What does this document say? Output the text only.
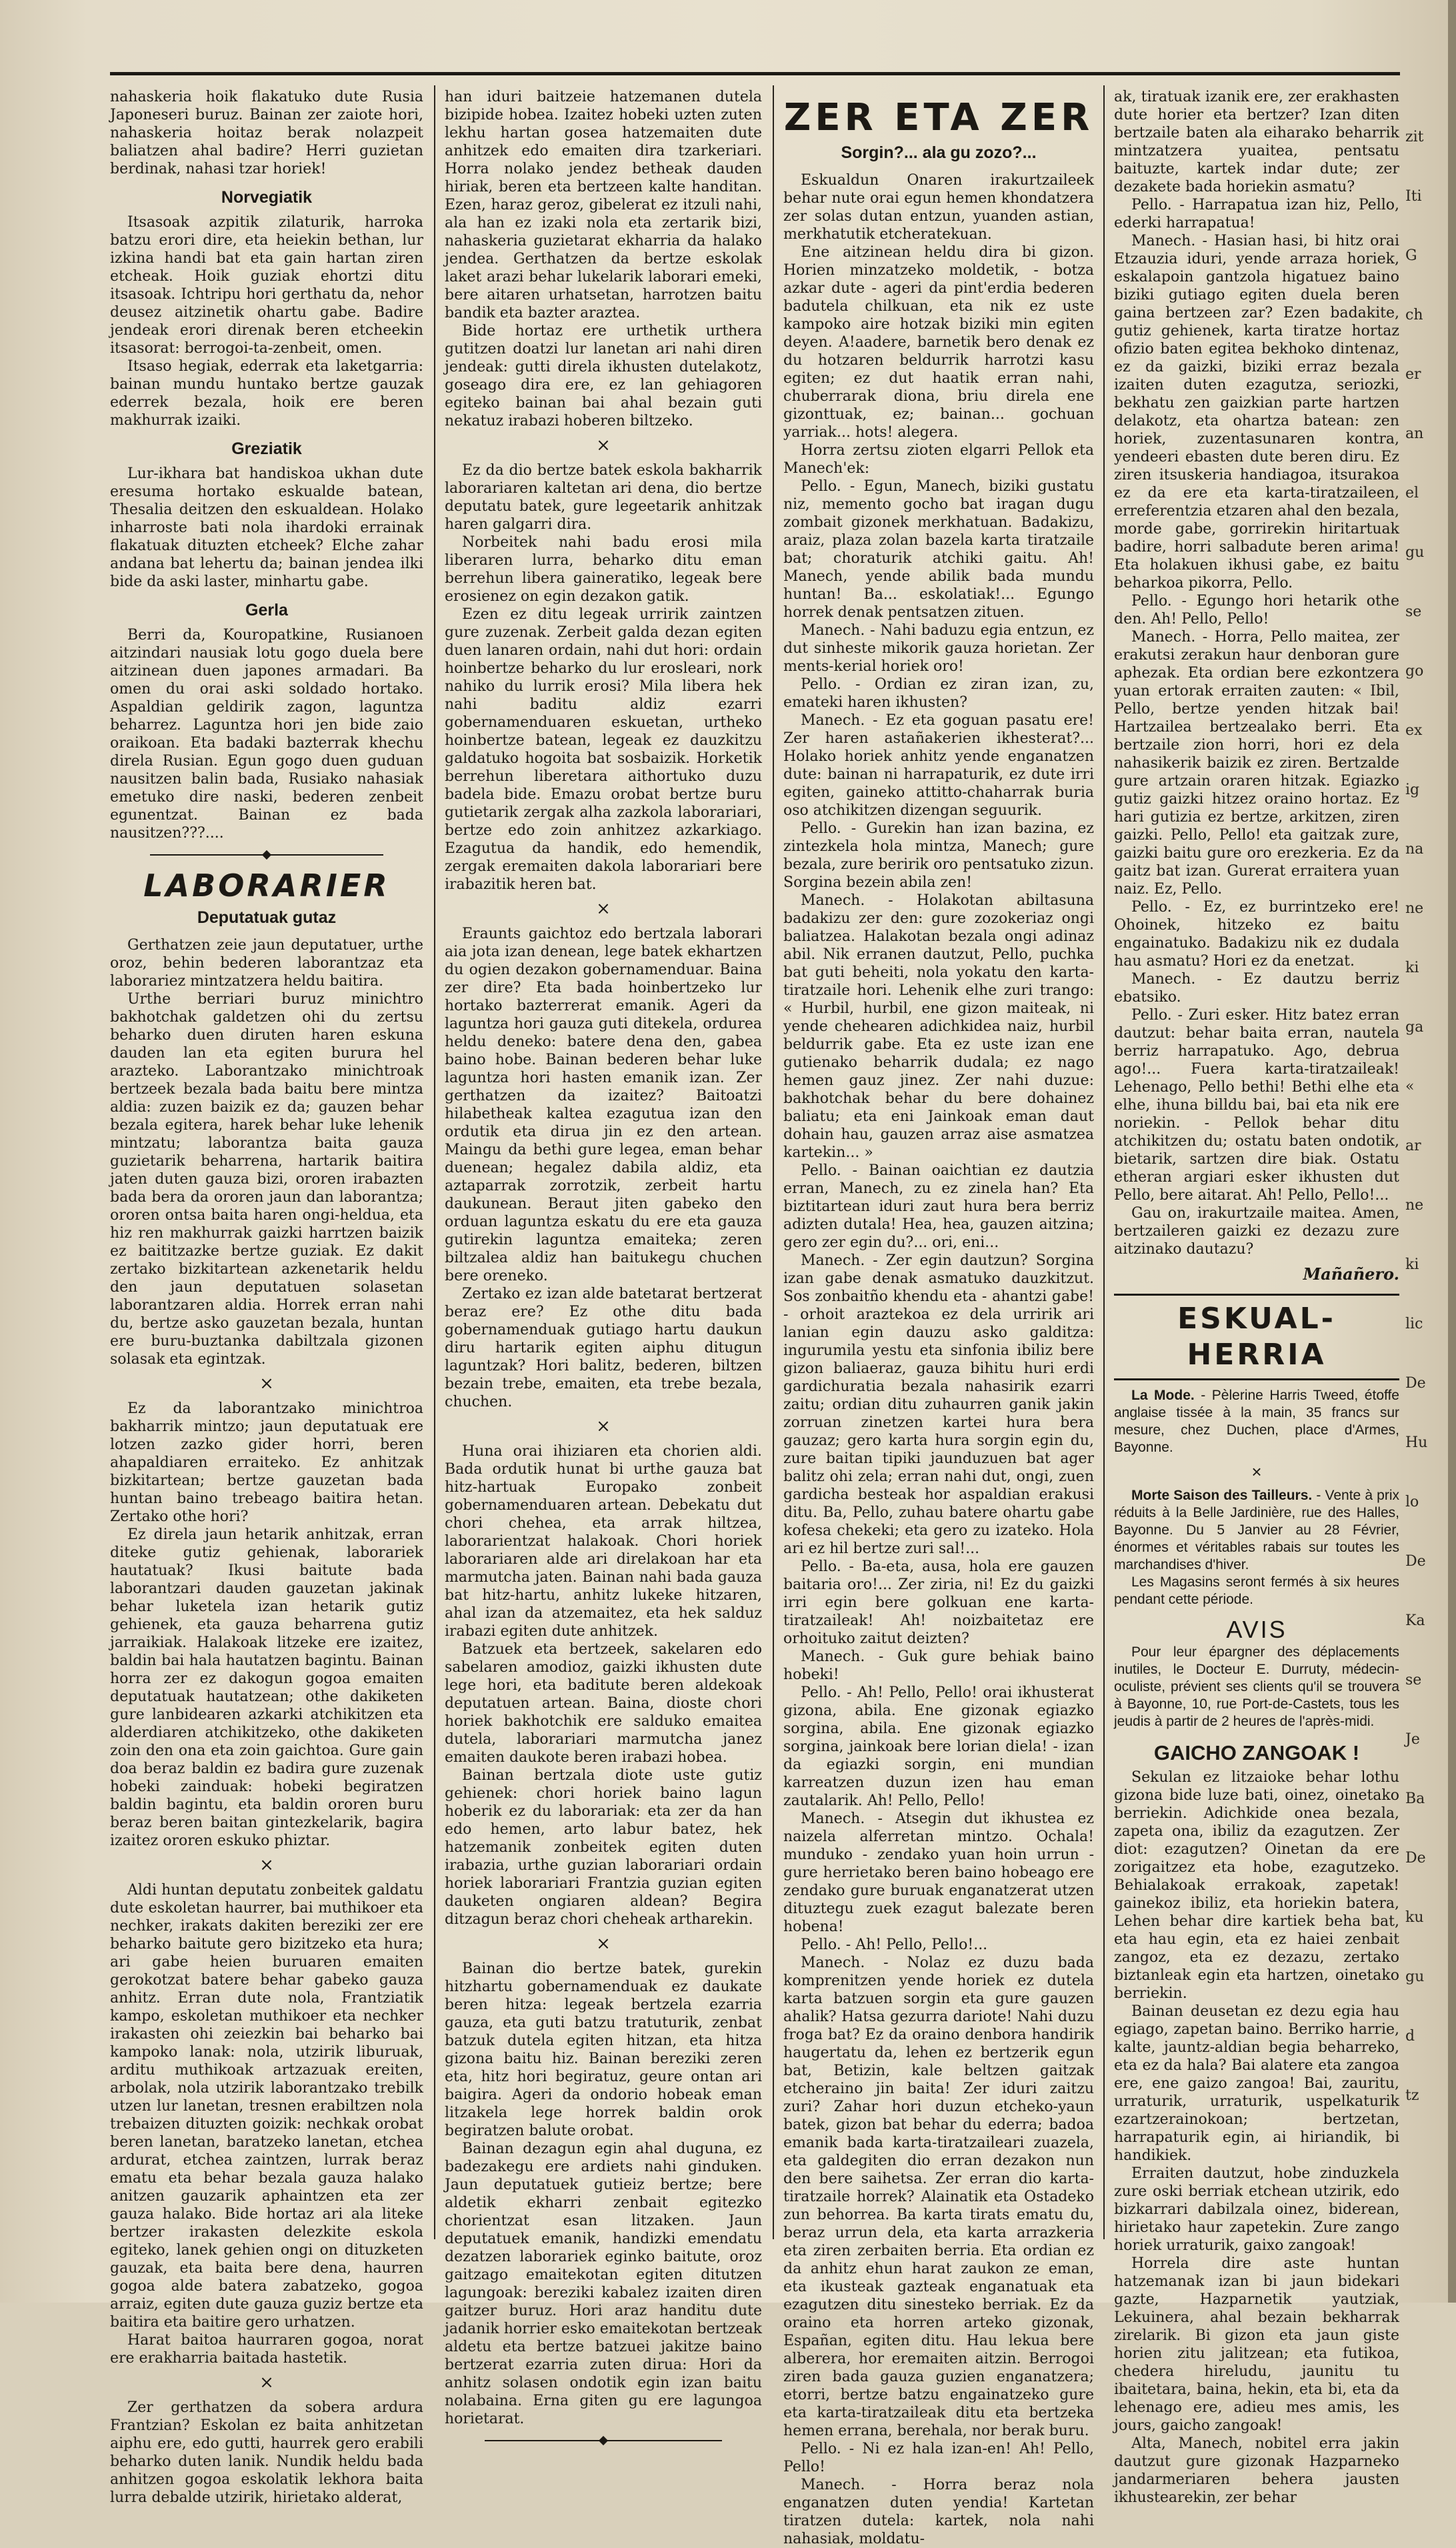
nahaskeria hoik flakatuko dute Rusia Japoneseri buruz. Bainan zer zaiote hori, nahaskeria hoitaz berak nolazpeit baliatzen ahal badire? Herri guzietan berdinak, nahasi tzar horiek!

Norvegiatik

Itsasoak azpitik zilaturik, harroka batzu erori dire, eta heiekin bethan, lur izkina handi bat eta gain hartan ziren etcheak. Hoik guziak ehortzi ditu itsasoak. Ichtripu hori gerthatu da, nehor deusez aitzinetik ohartu gabe. Badire jendeak erori direnak beren etcheekin itsasorat: berrogoi-ta-zenbeit, omen.

Itsaso hegiak, ederrak eta laketgarria: bainan mundu huntako bertze gauzak ederrek bezala, hoik ere beren makhurrak izaiki.

Greziatik

Lur-ikhara bat handiskoa ukhan dute eresuma hortako eskualde batean, Thesalia deitzen den eskualdean. Holako inharroste bati nola ihardoki errainak flakatuak dituzten etcheek? Elche zahar andana bat lehertu da; bainan jendea ilki bide da aski laster, minhartu gabe.

Gerla

Berri da, Kouropatkine, Rusianoen aitzindari nausiak lotu gogo duela bere aitzinean duen japones armadari. Ba omen du orai aski soldado hortako. Aspaldian geldirik zagon, laguntza beharrez. Laguntza hori jen bide zaio oraikoan. Eta badaki bazterrak khechu direla Rusian. Egun gogo duen guduan nausitzen balin bada, Rusiako nahasiak emetuko dire naski, bederen zenbeit egunentzat. Bainan ez bada nausitzen???....

LABORARIER
Deputatuak gutaz

Gerthatzen zeie jaun deputatuer, urthe oroz, behin bederen laborantzaz eta laborariez mintzatzera heldu baitira.

Urthe berriari buruz minichtro bakhotchak galdetzen ohi du zertsu beharko duen diruten haren eskuna dauden lan eta egiten burura hel arazteko. Laborantzako minichtroak bertzeek bezala bada baitu bere mintza aldia: zuzen baizik ez da; gauzen behar bezala egitera, harek behar luke lehenik mintzatu; laborantza baita gauza guzietarik beharrena, hartarik baitira jaten duten gauza bizi, ororen irabazten bada bera da ororen jaun dan laborantza; ororen ontsa baita haren ongi-heldua, eta hiz ren makhurrak gaizki harrtzen baizik ez baititzazke bertze guziak. Ez dakit zertako bizkitartean azkenetarik heldu den jaun deputatuen solasetan laborantzaren aldia. Horrek erran nahi du, bertze asko gauzetan bezala, huntan ere buru-buztanka dabiltzala gizonen solasak eta egintzak.

×

Ez da laborantzako minichtroa bakharrik mintzo; jaun deputatuak ere lotzen zazko gider horri, beren ahapaldiaren erraiteko. Ez anhitzak bizkitartean; bertze gauzetan bada huntan baino trebeago baitira hetan. Zertako othe hori?

Ez direla jaun hetarik anhitzak, erran diteke gutiz gehienak, laborariek hautatuak? Ikusi baitute bada laborantzari dauden gauzetan jakinak behar luketela izan hetarik gutiz gehienek, eta gauza beharrena gutiz jarraikiak. Halakoak litzeke ere izaitez, baldin bai hala hautatzen bagintu. Bainan horra zer ez dakogun gogoa emaiten deputatuak hautatzean; othe dakiketen gure lanbidearen azkarki atchikitzen eta alderdiaren atchikitzeko, othe dakiketen zoin den ona eta zoin gaichtoa. Gure gain doa beraz baldin ez badira gure zuzenak hobeki zainduak: hobeki begiratzen baldin bagintu, eta baldin ororen buru beraz beren baitan gintezkelarik, bagira izaitez ororen eskuko phiztar.

×

Aldi huntan deputatu zonbeitek galdatu dute eskoletan haurrer, bai muthikoer eta nechker, irakats dakiten bereziki zer ere beharko baitute gero bizitzeko eta hura; ari gabe heien buruaren emaiten gerokotzat batere behar gabeko gauza anhitz. Erran dute nola, Frantziatik kampo, eskoletan muthikoer eta nechker irakasten ohi zeiezkin bai beharko bai kampoko lanak: nola, utzirik liburuak, arditu muthikoak artzazuak ereiten, arbolak, nola utzirik laborantzako trebilk utzen lur lanetan, tresnen erabiltzen nola trebaizen dituzten goizik: nechkak orobat beren lanetan, baratzeko lanetan, etchea ardurat, etchea zaintzen, lurrak beraz ematu eta behar bezala gauza halako anitzen gauzarik aphaintzen eta zer gauza halako. Bide hortaz ari ala liteke bertzer irakasten delezkite eskola egiteko, lanek gehien ongi on dituzketen gauzak, eta baita bere dena, haurren gogoa alde batera zabatzeko, gogoa arraiz, egiten dute gauza guziz bertze eta baitira eta baitire gero urhatzen.

Harat baitoa haurraren gogoa, norat ere erakharria baitada hastetik.

×

Zer gerthatzen da sobera ardura Frantzian? Eskolan ez baita anhitzetan aiphu ere, edo gutti, haurrek gero erabili beharko duten lanik. Nundik heldu bada anhitzen gogoa eskolatik lekhora baita lurra debalde utzirik, hirietako alderat,

han iduri baitzeie hatzemanen dutela bizipide hobea. Izaitez hobeki uzten zuten lekhu hartan gosea hatzemaiten dute anhitzek edo emaiten dira tzarkeriari. Horra nolako jendez betheak dauden hiriak, beren eta bertzeen kalte handitan. Ezen, haraz geroz, gibelerat ez itzuli nahi, ala han ez izaki nola eta zertarik bizi, nahaskeria guzietarat ekharria da halako jendea. Gerthatzen da bertze eskolak laket arazi behar lukelarik laborari emeki, bere aitaren urhatsetan, harrotzen baitu bandik eta bazter araztea.

Bide hortaz ere urthetik urthera gutitzen doatzi lur lanetan ari nahi diren jendeak: gutti direla ikhusten dutelakotz, goseago dira ere, ez lan gehiagoren egiteko bainan bai ahal bezain guti nekatuz irabazi hoberen biltzeko.

×

Ez da dio bertze batek eskola bakharrik laborariaren kaltetan ari dena, dio bertze deputatu batek, gure legeetarik anhitzak haren galgarri dira.

Norbeitek nahi badu erosi mila liberaren lurra, beharko ditu eman berrehun libera gaineratiko, legeak bere erosienez on egin dezakon gatik.

Ezen ez ditu legeak urririk zaintzen gure zuzenak. Zerbeit galda dezan egiten duen lanaren ordain, nahi dut hori: ordain hoinbertze beharko du lur erosleari, nork nahiko du lurrik erosi? Mila libera hek nahi baditu aldiz ezarri gobernamenduaren eskuetan, urtheko hoinbertze batean, legeak ez dauzkitzu galdatuko hogoita bat sosbaizik. Horketik berrehun liberetara aithortuko duzu badela bide. Emazu orobat bertze buru gutietarik zergak alha zazkola laborariari, bertze edo zoin anhitzez azkarkiago. Ezagutua da handik, edo hemendik, zergak eremaiten dakola laborariari bere irabazitik heren bat.

×

Eraunts gaichtoz edo bertzala laborari aia jota izan denean, lege batek ekhartzen du ogien dezakon gobernamenduar. Baina zer dire? Eta bada hoinbertzeko lur hortako bazterrerat emanik. Ageri da laguntza hori gauza guti ditekela, ordurea heldu deneko: batere dena den, gabea baino hobe. Bainan bederen behar luke laguntza hori hasten emanik izan. Zer gerthatzen da izaitez? Baitoatzi hilabetheak kaltea ezagutua izan den ordutik eta dirua jin ez den artean. Maingu da bethi gure legea, eman behar duenean; hegalez dabila aldiz, eta aztaparrak zorrotzik, zerbeit hartu daukunean. Beraut jiten gabeko den orduan laguntza eskatu du ere eta gauza gutirekin laguntza emaiteka; zeren biltzalea aldiz han baitukegu chuchen bere oreneko.

Zertako ez izan alde batetarat bertzerat beraz ere? Ez othe ditu bada gobernamenduak gutiago hartu daukun diru hartarik egiten aiphu ditugun laguntzak? Hori balitz, bederen, biltzen bezain trebe, emaiten, eta trebe bezala, chuchen.

×

Huna orai ihiziaren eta chorien aldi. Bada ordutik hunat bi urthe gauza bat hitz-hartuak Europako zonbeit gobernamenduaren artean. Debekatu dut chori chehea, eta arrak hiltzea, laborarientzat halakoak. Chori horiek laborariaren alde ari direlakoan har eta marmutcha jaten. Bainan nahi bada gauza bat hitz-hartu, anhitz lukeke hitzaren, ahal izan da atzemaitez, eta hek salduz irabazi egiten dute anhitzek.

Batzuek eta bertzeek, sakelaren edo sabelaren amodioz, gaizki ikhusten dute lege hori, eta baditute beren aldekoak deputatuen artean. Baina, dioste chori horiek bakhotchik ere salduko emaitea dutela, laborariari marmutcha janez emaiten daukote beren irabazi hobea.

Bainan bertzala diote uste gutiz gehienek: chori horiek baino lagun hoberik ez du laborariak: eta zer da han edo hemen, arto labur batez, hek hatzemanik zonbeitek egiten duten irabazia, urthe guzian laborariari ordain horiek laborariari Frantzia guzian egiten dauketen ongiaren aldean? Begira ditzagun beraz chori cheheak artharekin.

×

Bainan dio bertze batek, gurekin hitzhartu gobernamenduak ez daukate beren hitza: legeak bertzela ezarria gauza, eta guti batzu tratuturik, zenbat batzuk dutela egiten hitzan, eta hitza gizona baitu hiz. Bainan bereziki zeren eta, hitz hori begiratuz, geure ontan ari baigira. Ageri da ondorio hobeak eman litzakela lege horrek baldin orok begiratzen balute orobat.

Bainan dezagun egin ahal duguna, ez badezakegu ere ardiets nahi ginduken. Jaun deputatuek gutieiz bertze; bere aldetik ekharri zenbait egitezko chorientzat esan litzaken. Jaun deputatuek emanik, handizki emendatu dezatzen laborariek eginko baitute, oroz gaitzago emaitekotan egiten ditutzen lagungoak: bereziki kabalez izaiten diren gaitzer buruz. Hori araz handitu dute jadanik horrier esko emaitekotan bertzeak aldetu eta bertze batzuei jakitze baino bertzerat ezarria zuten dirua: Hori da anhitz solasen ondotik egin izan baitu nolabaina. Erna giten gu ere lagungoa horietarat.

ZER ETA ZER
Sorgin?... ala gu zozo?...

Eskualdun Onaren irakurtzaileek behar nute orai egun hemen khondatzera zer solas dutan entzun, yuanden astian, merkhatutik etcheratekuan.

Ene aitzinean heldu dira bi gizon. Horien minzatzeko moldetik, - botza azkar dute - ageri da pint'erdia bederen badutela chilkuan, eta nik ez uste kampoko aire hotzak biziki min egiten deyen. A!aadere, barnetik bero denak ez du hotzaren beldurrik harrotzi kasu egiten; ez dut haatik erran nahi, chuberrarak diona, briu direla ene gizonttuak, ez; bainan... gochuan yarriak... hots! alegera.

Horra zertsu zioten elgarri Pellok eta Manech'ek:

Pello. - Egun, Manech, biziki gustatu niz, memento gocho bat iragan dugu zombait gizonek merkhatuan. Badakizu, araiz, plaza zolan bazela karta tiratzaile bat; choraturik atchiki gaitu. Ah! Manech, yende abilik bada mundu huntan! Ba... eskolatiak!... Egungo horrek denak pentsatzen zituen.

Manech. - Nahi baduzu egia entzun, ez dut sinheste mikorik gauza horietan. Zer ments-kerial horiek oro!

Pello. - Ordian ez ziran izan, zu, emateki haren ikhusten?

Manech. - Ez eta goguan pasatu ere! Zer haren astañakerien ikhesterat?... Holako horiek anhitz yende enganatzen dute: bainan ni harrapaturik, ez dute irri egiten, gaineko attitto-chaharrak buria oso atchikitzen dizengan seguurik.

Pello. - Gurekin han izan bazina, ez zintezkela hola mintza, Manech; gure bezala, zure beririk oro pentsatuko zizun. Sorgina bezein abila zen!

Manech. - Holakotan abiltasuna badakizu zer den: gure zozokeriaz ongi baliatzea. Halakotan bezala ongi adinaz abil. Nik erranen dautzut, Pello, puchka bat guti beheiti, nola yokatu den karta-tiratzaile hori. Lehenik elhe zuri trango: « Hurbil, hurbil, ene gizon maiteak, ni yende chehearen adichkidea naiz, hurbil beldurrik gabe. Eta ez uste izan ene gutienako beharrik dudala; ez nago hemen gauz jinez. Zer nahi duzue: bakhotchak behar du bere dohainez baliatu; eta eni Jainkoak eman daut dohain hau, gauzen arraz aise asmatzea kartekin... »

Pello. - Bainan oaichtian ez dautzia erran, Manech, zu ez zinela han? Eta biztitartean iduri zaut hura bera berriz adizten dutala! Hea, hea, gauzen aitzina; gero zer egin du?... ori, eni...

Manech. - Zer egin dautzun? Sorgina izan gabe denak asmatuko dauzkitzut. Sos zonbaitño khendu eta - ahantzi gabe! - orhoit araztekoa ez dela urririk ari lanian egin dauzu asko galditza: ingurumila yestu eta sinfonia ibiliz bere gizon baliaeraz, gauza bihitu huri erdi gardichuratia bezala nahasirik ezarri zaitu; ordian ditu zuhaurren ganik jakin zorruan zinetzen kartei hura bera gauzaz; gero karta hura sorgin egin du, zure baitan tipiki jaunduzuen bat ager balitz ohi zela; erran nahi dut, ongi, zuen gardicha besteak hor aspaldian erakusi ditu. Ba, Pello, zuhau batere ohartu gabe kofesa chekeki; eta gero zu izateko. Hola ari ez hil bertze zuri sal!...

Pello. - Ba-eta, ausa, hola ere gauzen baitaria oro!... Zer ziria, ni! Ez du gaizki irri egin bere golkuan ene karta-tiratzaileak! Ah! noizbaitetaz ere orhoituko zaitut deizten?

Manech. - Guk gure behiak baino hobeki!

Pello. - Ah! Pello, Pello! orai ikhusterat gizona, abila. Ene gizonak egiazko sorgina, abila. Ene gizonak egiazko sorgina, jainkoak bere lorian diela! - izan da egiazki sorgin, eni mundian karreatzen duzun izen hau eman zautalarik. Ah! Pello, Pello!

Manech. - Atsegin dut ikhustea ez naizela alferretan mintzo. Ochala! munduko - zendako yuan hoin urrun - gure herrietako beren baino hobeago ere zendako gure buruak enganatzerat utzen dituztegu zuek ezagut balezate beren hobena!

Pello. - Ah! Pello, Pello!...

Manech. - Nolaz ez duzu bada komprenitzen yende horiek ez dutela karta batzuen sorgin eta gure gauzen ahalik? Hatsa gezurra dariote! Nahi duzu froga bat? Ez da oraino denbora handirik haugertatu da, lehen ez bertzerik egun bat, Betizin, kale beltzen gaitzak etcheraino jin baita! Zer iduri zaitzu zuri? Zahar hori duzun etcheko-yaun batek, gizon bat behar du ederra; badoa emanik bada karta-tiratzaileari zuazela, eta galdegiten dio erran dezakon nun den bere saihetsa. Zer erran dio karta-tiratzaile horrek? Alainatik eta Ostadeko zun behorrea. Ba karta tirats ematu du, beraz urrun dela, eta karta arrazkeria eta ziren zerbaiten berria. Eta ordian ez da anhitz ehun harat zaukon ze eman, eta ikusteak gazteak enganatuak eta ezagutzen ditu sinesteko berriak. Ez da oraino eta horren arteko gizonak, Españan, egiten ditu. Hau lekua bere alberera, hor eremaiten aitzin. Berrogoi ziren bada gauza guzien enganatzera; etorri, bertze batzu engainatzeko gure eta karta-tiratzaileak ditu eta bertzeka hemen errana, berehala, nor berak buru.

Pello. - Ni ez hala izan-en! Ah! Pello, Pello!

Manech. - Horra beraz nola enganatzen duten yendia! Kartetan tiratzen dutela: kartek, nola nahi nahasiak, moldatu-

ak, tiratuak izanik ere, zer erakhasten dute horier eta bertzer? Izan diten bertzaile baten ala eiharako beharrik mintzatzera yuaitea, pentsatu baituzte, kartek indar dute; zer dezakete bada horiekin asmatu?

Pello. - Harrapatua izan hiz, Pello, ederki harrapatua!

Manech. - Hasian hasi, bi hitz orai Etzauzia iduri, yende arraza horiek, eskalapoin gantzola higatuez baino biziki gutiago egiten duela beren gaina bertzeen zar? Ezen badakite, gutiz gehienek, karta tiratze hortaz ofizio baten egitea bekhoko dintenaz, ez da gaizki, biziki erraz bezala izaiten duten ezagutza, seriozki, bekhatu zen gaizkian parte hartzen delakotz, eta ohartza batean: zen horiek, zuzentasunaren kontra, yendeeri ebasten dute beren diru. Ez ziren itsuskeria handiagoa, itsurakoa ez da ere eta karta-tiratzaileen, erreferentzia etzaren ahal den bezala, morde gabe, gorrirekin hiritartuak badire, horri salbadute beren arima! Eta holakuen ikhusi gabe, ez baitu beharkoa pikorra, Pello.

Pello. - Egungo hori hetarik othe den. Ah! Pello, Pello!

Manech. - Horra, Pello maitea, zer erakutsi zerakun haur denboran gure aphezak. Eta ordian bere ezkontzera yuan ertorak erraiten zauten: « Ibil, Pello, bertze yenden hitzak bai! Hartzailea bertzealako berri. Eta bertzaile zion horri, hori ez dela nahasikerik baizik ez ziren. Bertzalde gure artzain oraren hitzak. Egiazko gutiz gaizki hitzez oraino hortaz. Ez hari gutizia ez bertze, arkitzen, ziren gaizki. Pello, Pello! eta gaitzak zure, gaizki baitu gure oro erezkeria. Ez da gaitz bat izan. Gurerat erraitera yuan naiz. Ez, Pello.

Pello. - Ez, ez burrintzeko ere! Ohoinek, hitzeko ez baitu engainatuko. Badakizu nik ez dudala hau asmatu? Hori ez da enetzat.

Manech. - Ez dautzu berriz ebatsiko.

Pello. - Zuri esker. Hitz batez erran dautzut: behar baita erran, nautela berriz harrapatuko. Ago, debrua ago!... Fuera karta-tiratzaileak! Lehenago, Pello bethi! Bethi elhe eta elhe, ihuna billdu bai, bai eta nik ere noriekin. - Pellok behar ditu atchikitzen du; ostatu baten ondotik, bietarik, sartzen dire biak. Ostatu etheran argiari esker ikhusten dut Pello, bere aitarat. Ah! Pello, Pello!...

Gau on, irakurtzaile maitea. Amen, bertzaileren gaizki ez dezazu zure aitzinako dautazu?

Mañañero.
ESKUAL-HERRIA

La Mode. - Pèlerine Harris Tweed, étoffe anglaise tissée à la main, 35 francs sur mesure, chez Duchen, place d'Armes, Bayonne.

×

Morte Saison des Tailleurs. - Vente à prix réduits à la Belle Jardinière, rue des Halles, Bayonne. Du 5 Janvier au 28 Février, énormes et véritables rabais sur toutes les marchandises d'hiver.

Les Magasins seront fermés à six heures pendant cette période.

AVIS

Pour leur épargner des déplacements inutiles, le Docteur E. Durruty, médecin-oculiste, prévient ses clients qu'il se trouvera à Bayonne, 10, rue Port-de-Castets, tous les jeudis à partir de 2 heures de l'après-midi.

GAICHO ZANGOAK !

Sekulan ez litzaioke behar lothu gizona bide luze bati, oinez, oinetako berriekin. Adichkide onea bezala, zapeta ona, ibiliz da ezagutzen. Zer diot: ezagutzen? Oinetan da ere zorigaitzez eta hobe, ezagutzeko. Behialakoak errakoak, zapetak! gainekoz ibiliz, eta horiekin batera, Lehen behar dire kartiek beha bat, eta hau egin, eta ez haiei zenbait zangoz, eta ez dezazu, zertako biztanleak egin eta hartzen, oinetako berriekin.

Bainan deusetan ez dezu egia hau egiago, zapetan baino. Berriko harrie, kalte, jauntz-aldian begia beharreko, eta ez da hala? Bai alatere eta zangoa ere, ene gaizo zangoa! Bai, zauritu, urraturik, urraturik, uspelkaturik ezartzerainokoan; bertzetan, harrapaturik egin, ai hiriandik, bi handikiek.

Erraiten dautzut, hobe zinduzkela zure oski berriak etchean utzirik, edo bizkarrari dabilzala oinez, biderean, hirietako haur zapetekin. Zure zango horiek urraturik, gaixo zangoak!

Horrela dire aste huntan hatzemanak izan bi jaun bidekari gazte, Hazparnetik yautziak, Lekuinera, ahal bezain bekharrak zirelarik. Bi gizon eta jaun giste horien zitu jalitzean; eta futikoa, chedera hireludu, jaunitu tu ibaitetara, baina, hekin, eta bi, eta da lehenago ere, adieu mes amis, les jours, gaicho zangoak!

Alta, Manech, nobitel erra jakin dautzut gure gizonak Hazparneko jandarmeriaren behera jausten ikhustearekin, zer behar

zit
Iti
G
ch
er
an
el
gu
se
go
ex
ig
na
ne
ki
ga
«
ar
ne
ki
lic
De
Hu
lo
De
Ka
se
Je
Ba
De
ku
gu
d
tz
